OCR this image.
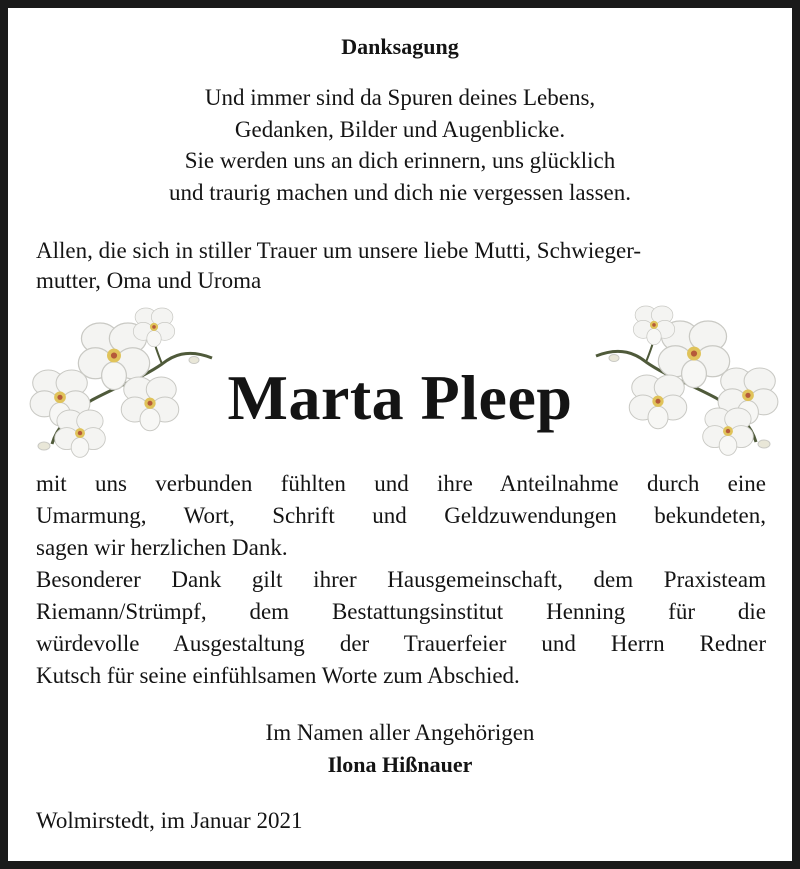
Danksagung
Und immer sind da Spuren deines Lebens,
Gedanken, Bilder und Augenblicke.
Sie werden uns an dich erinnern, uns glücklich
und traurig machen und dich nie vergessen lassen.
Allen, die sich in stiller Trauer um unsere liebe Mutti, Schwieger-
mutter, Oma und Uroma
Marta Pleep
mit uns verbunden fühlten und ihre Anteilnahme durch eine
Umarmung, Wort, Schrift und Geldzuwendungen bekundeten,
sagen wir herzlichen Dank.
Besonderer Dank gilt ihrer Hausgemeinschaft, dem Praxisteam
Riemann/Strümpf, dem Bestattungsinstitut Henning für die
würdevolle Ausgestaltung der Trauerfeier und Herrn Redner
Kutsch für seine einfühlsamen Worte zum Abschied.
Im Namen aller Angehörigen
Ilona Hißnauer
Wolmirstedt, im Januar 2021
